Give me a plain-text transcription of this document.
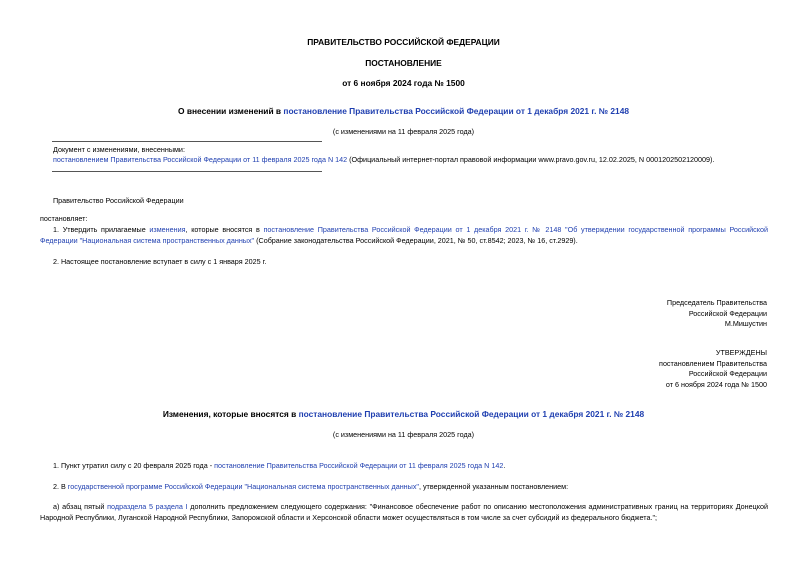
ПРАВИТЕЛЬСТВО РОССИЙСКОЙ ФЕДЕРАЦИИ
ПОСТАНОВЛЕНИЕ
от 6 ноября 2024 года № 1500
О внесении изменений в постановление Правительства Российской Федерации от 1 декабря 2021 г. № 2148
(с изменениями на 11 февраля 2025 года)
Документ с изменениями, внесенными:
постановлением Правительства Российской Федерации от 11 февраля 2025 года N 142 (Официальный интернет-портал правовой информации www.pravo.gov.ru, 12.02.2025, N 0001202502120009).
Правительство Российской Федерации
постановляет:
1. Утвердить прилагаемые изменения, которые вносятся в постановление Правительства Российской Федерации от 1 декабря 2021 г. № 2148 "Об утверждении государственной программы Российской Федерации "Национальная система пространственных данных" (Собрание законодательства Российской Федерации, 2021, № 50, ст.8542; 2023, № 16, ст.2929).
2. Настоящее постановление вступает в силу с 1 января 2025 г.
Председатель Правительства
Российской Федерации
М.Мишустин
УТВЕРЖДЕНЫ
постановлением Правительства
Российской Федерации
от 6 ноября 2024 года № 1500
Изменения, которые вносятся в постановление Правительства Российской Федерации от 1 декабря 2021 г. № 2148
(с изменениями на 11 февраля 2025 года)
1. Пункт утратил силу с 20 февраля 2025 года - постановление Правительства Российской Федерации от 11 февраля 2025 года N 142.
2. В государственной программе Российской Федерации "Национальная система пространственных данных", утвержденной указанным постановлением:
а) абзац пятый подраздела 5 раздела I дополнить предложением следующего содержания: "Финансовое обеспечение работ по описанию местоположения административных границ на территориях Донецкой Народной Республики, Луганской Народной Республики, Запорожской области и Херсонской области может осуществляться в том числе за счет субсидий из федерального бюджета.";
